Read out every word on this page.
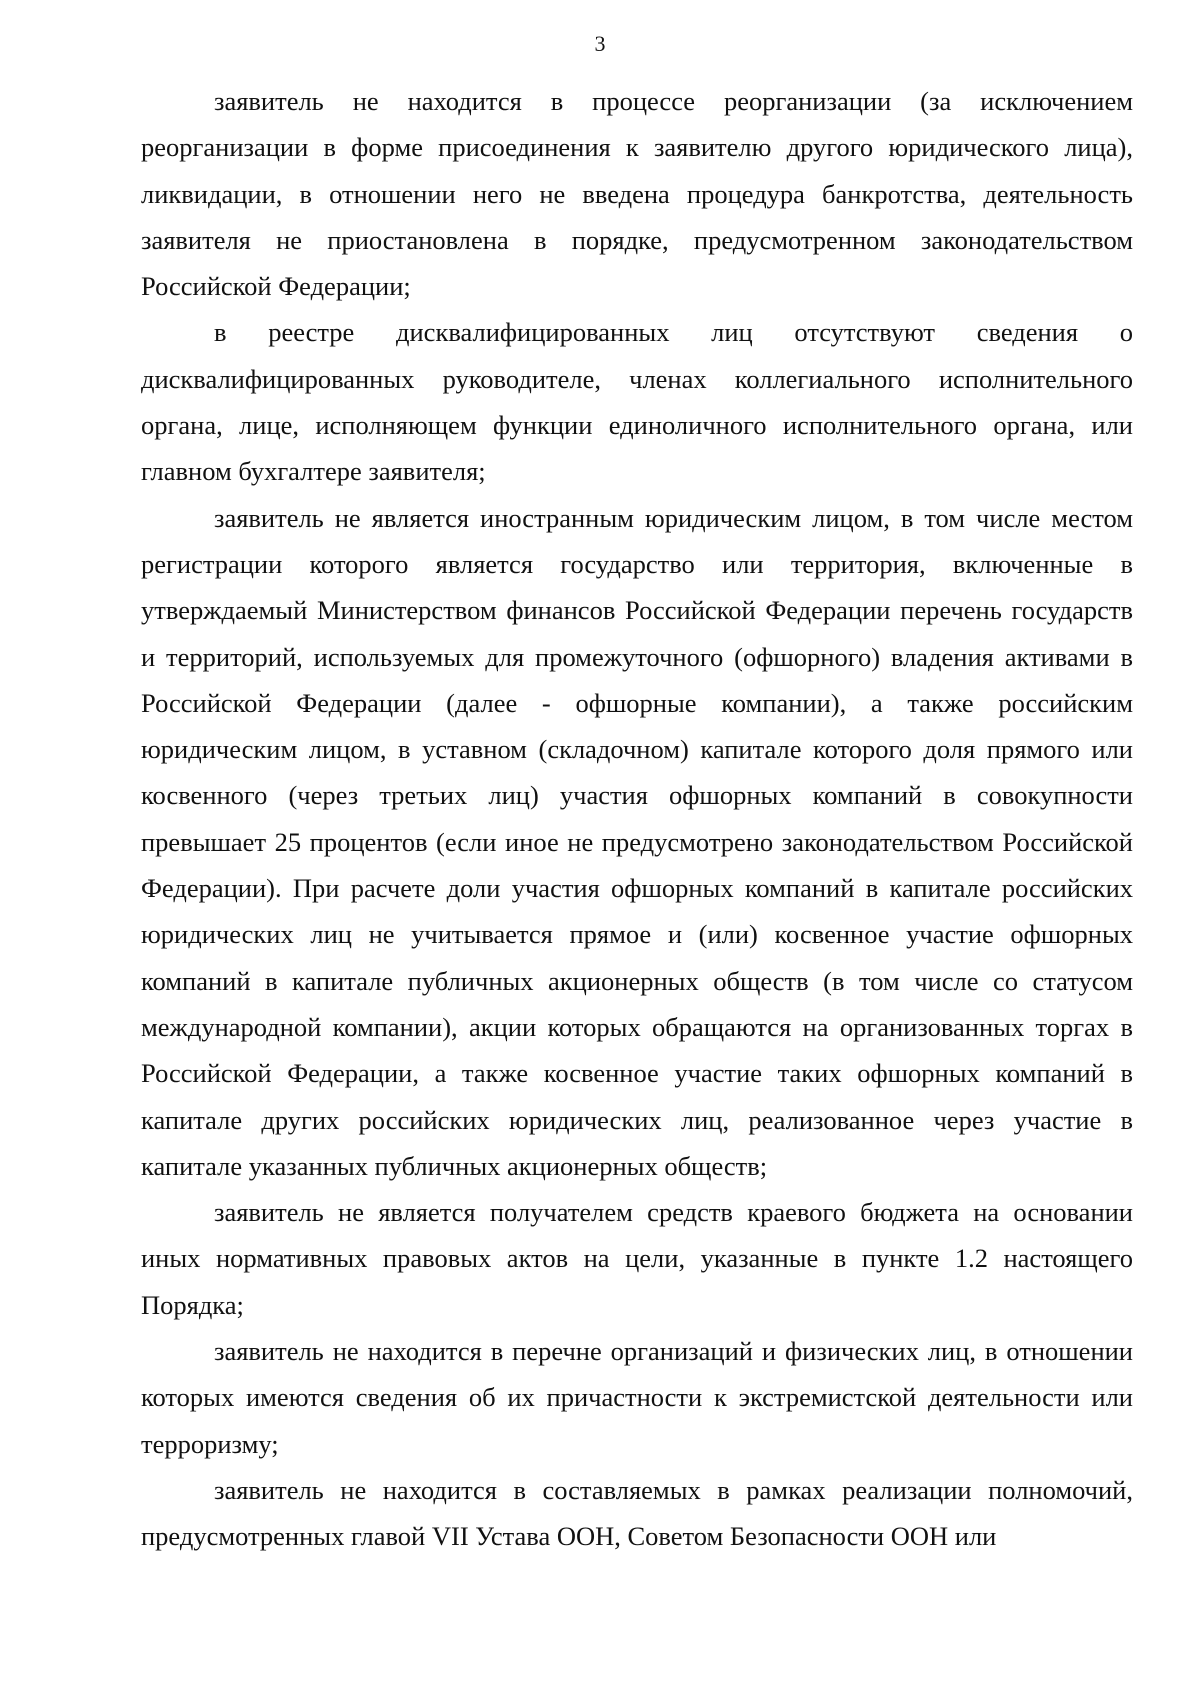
3

заявитель не находится в процессе реорганизации (за исключением реорганизации в форме присоединения к заявителю другого юридического лица), ликвидации, в отношении него не введена процедура банкротства, деятельность заявителя не приостановлена в порядке, предусмотренном законодательством Российской Федерации;

в реестре дисквалифицированных лиц отсутствуют сведения о дисквалифицированных руководителе, членах коллегиального исполнительного органа, лице, исполняющем функции единоличного исполнительного органа, или главном бухгалтере заявителя;

заявитель не является иностранным юридическим лицом, в том числе местом регистрации которого является государство или территория, включенные в утверждаемый Министерством финансов Российской Федерации перечень государств и территорий, используемых для промежуточного (офшорного) владения активами в Российской Федерации (далее - офшорные компании), а также российским юридическим лицом, в уставном (складочном) капитале которого доля прямого или косвенного (через третьих лиц) участия офшорных компаний в совокупности превышает 25 процентов (если иное не предусмотрено законодательством Российской Федерации). При расчете доли участия офшорных компаний в капитале российских юридических лиц не учитывается прямое и (или) косвенное участие офшорных компаний в капитале публичных акционерных обществ (в том числе со статусом международной компании), акции которых обращаются на организованных торгах в Российской Федерации, а также косвенное участие таких офшорных компаний в капитале других российских юридических лиц, реализованное через участие в капитале указанных публичных акционерных обществ;

заявитель не является получателем средств краевого бюджета на основании иных нормативных правовых актов на цели, указанные в пункте 1.2 настоящего Порядка;

заявитель не находится в перечне организаций и физических лиц, в отношении которых имеются сведения об их причастности к экстремистской деятельности или терроризму;

заявитель не находится в составляемых в рамках реализации полномочий, предусмотренных главой VII Устава ООН, Советом Безопасности ООН или
